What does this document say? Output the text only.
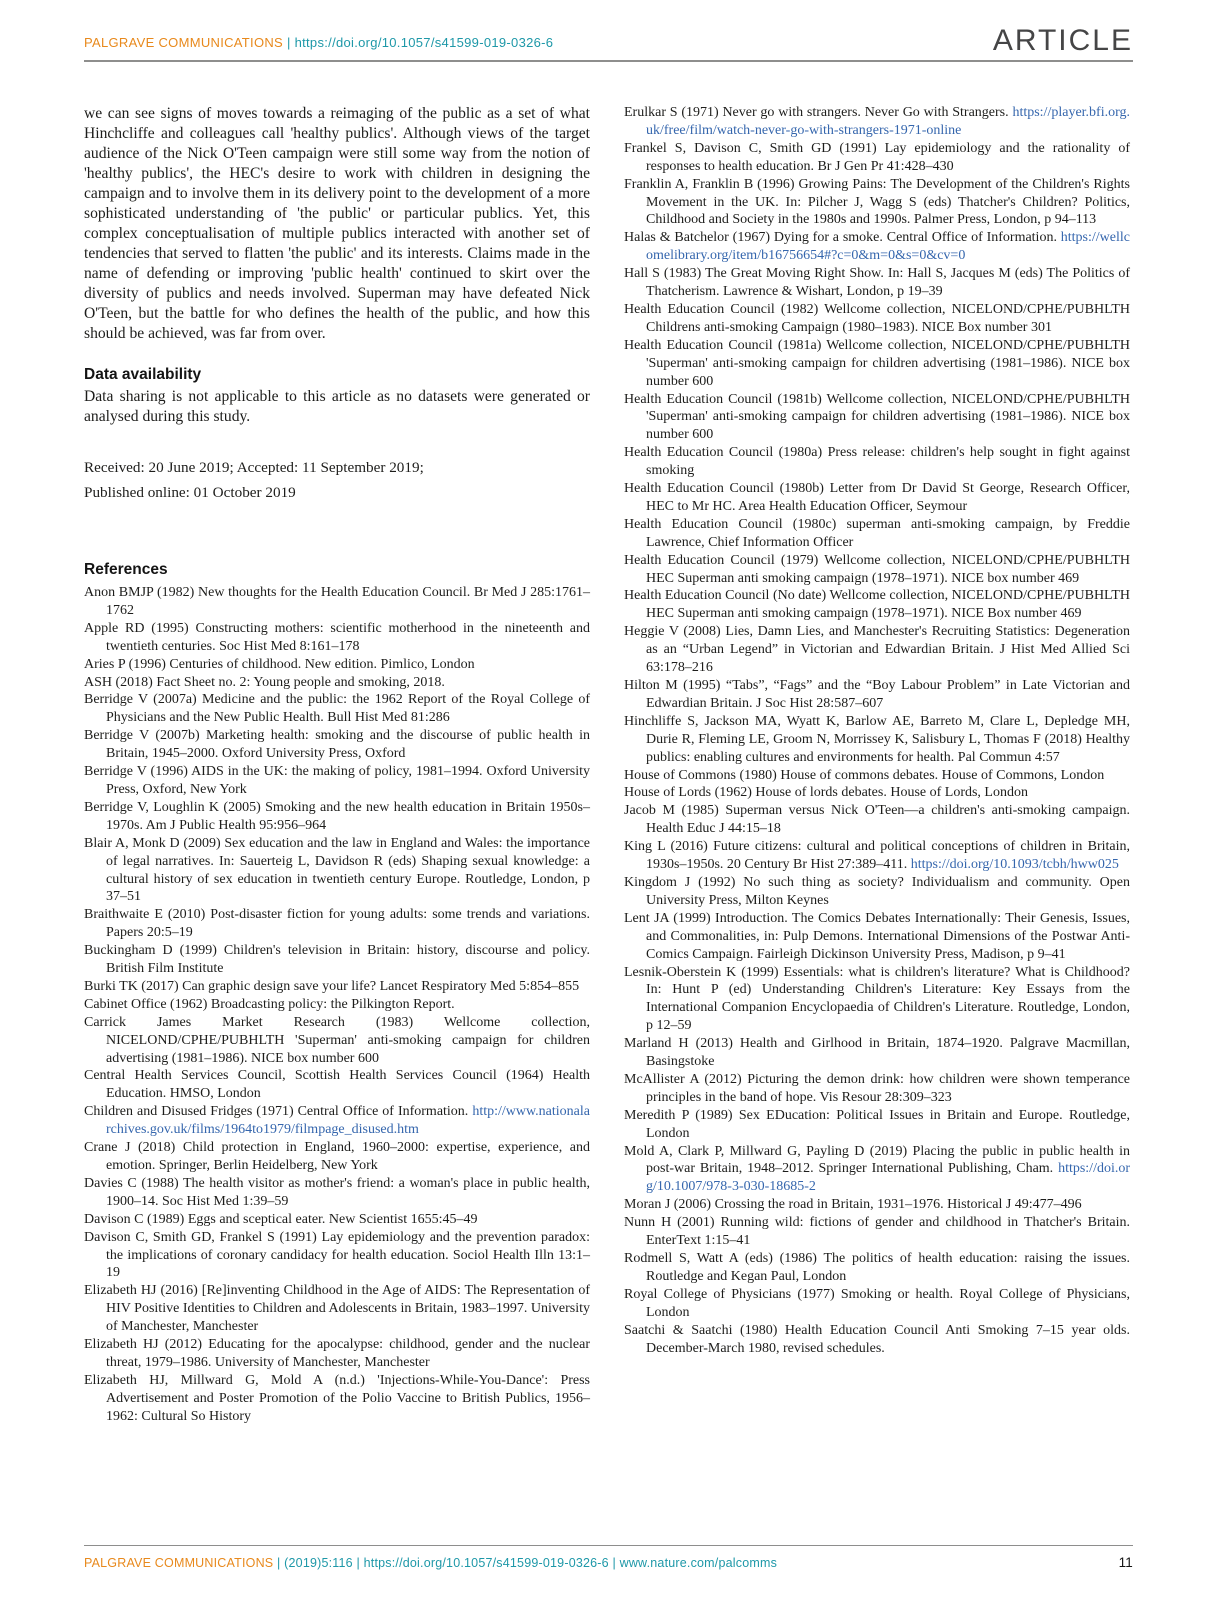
PALGRAVE COMMUNICATIONS | https://doi.org/10.1057/s41599-019-0326-6	ARTICLE

we can see signs of moves towards a reimaging of the public as a set of what Hinchcliffe and colleagues call 'healthy publics'. Although views of the target audience of the Nick O'Teen campaign were still some way from the notion of 'healthy publics', the HEC's desire to work with children in designing the campaign and to involve them in its delivery point to the development of a more sophisticated understanding of 'the public' or particular publics. Yet, this complex conceptualisation of multiple publics interacted with another set of tendencies that served to flatten 'the public' and its interests. Claims made in the name of defending or improving 'public health' continued to skirt over the diversity of publics and needs involved. Superman may have defeated Nick O'Teen, but the battle for who defines the health of the public, and how this should be achieved, was far from over.

Data availability

Data sharing is not applicable to this article as no datasets were generated or analysed during this study.

Received: 20 June 2019; Accepted: 11 September 2019;
Published online: 01 October 2019
References

Anon BMJP (1982) New thoughts for the Health Education Council. Br Med J 285:1761–1762

Apple RD (1995) Constructing mothers: scientific motherhood in the nineteenth and twentieth centuries. Soc Hist Med 8:161–178

Aries P (1996) Centuries of childhood. New edition. Pimlico, London

ASH (2018) Fact Sheet no. 2: Young people and smoking, 2018.

Berridge V (2007a) Medicine and the public: the 1962 Report of the Royal College of Physicians and the New Public Health. Bull Hist Med 81:286

Berridge V (2007b) Marketing health: smoking and the discourse of public health in Britain, 1945–2000. Oxford University Press, Oxford

Berridge V (1996) AIDS in the UK: the making of policy, 1981–1994. Oxford University Press, Oxford, New York

Berridge V, Loughlin K (2005) Smoking and the new health education in Britain 1950s–1970s. Am J Public Health 95:956–964

Blair A, Monk D (2009) Sex education and the law in England and Wales: the importance of legal narratives. In: Sauerteig L, Davidson R (eds) Shaping sexual knowledge: a cultural history of sex education in twentieth century Europe. Routledge, London, p 37–51

Braithwaite E (2010) Post-disaster fiction for young adults: some trends and variations. Papers 20:5–19

Buckingham D (1999) Children's television in Britain: history, discourse and policy. British Film Institute

Burki TK (2017) Can graphic design save your life? Lancet Respiratory Med 5:854–855

Cabinet Office (1962) Broadcasting policy: the Pilkington Report.

Carrick James Market Research (1983) Wellcome collection, NICELOND/CPHE/PUBHLTH 'Superman' anti-smoking campaign for children advertising (1981–1986). NICE box number 600

Central Health Services Council, Scottish Health Services Council (1964) Health Education. HMSO, London

Children and Disused Fridges (1971) Central Office of Information. http://www.nationalarchives.gov.uk/films/1964to1979/filmpage_disused.htm

Crane J (2018) Child protection in England, 1960–2000: expertise, experience, and emotion. Springer, Berlin Heidelberg, New York

Davies C (1988) The health visitor as mother's friend: a woman's place in public health, 1900–14. Soc Hist Med 1:39–59

Davison C (1989) Eggs and sceptical eater. New Scientist 1655:45–49

Davison C, Smith GD, Frankel S (1991) Lay epidemiology and the prevention paradox: the implications of coronary candidacy for health education. Sociol Health Illn 13:1–19

Elizabeth HJ (2016) [Re]inventing Childhood in the Age of AIDS: The Representation of HIV Positive Identities to Children and Adolescents in Britain, 1983–1997. University of Manchester, Manchester

Elizabeth HJ (2012) Educating for the apocalypse: childhood, gender and the nuclear threat, 1979–1986. University of Manchester, Manchester

Elizabeth HJ, Millward G, Mold A (n.d.) 'Injections-While-You-Dance': Press Advertisement and Poster Promotion of the Polio Vaccine to British Publics, 1956–1962: Cultural So History

Erulkar S (1971) Never go with strangers. Never Go with Strangers. https://player.bfi.org.uk/free/film/watch-never-go-with-strangers-1971-online

Frankel S, Davison C, Smith GD (1991) Lay epidemiology and the rationality of responses to health education. Br J Gen Pr 41:428–430

Franklin A, Franklin B (1996) Growing Pains: The Development of the Children's Rights Movement in the UK. In: Pilcher J, Wagg S (eds) Thatcher's Children? Politics, Childhood and Society in the 1980s and 1990s. Palmer Press, London, p 94–113

Halas & Batchelor (1967) Dying for a smoke. Central Office of Information. https://wellcomelibrary.org/item/b16756654#?c=0&m=0&s=0&cv=0

Hall S (1983) The Great Moving Right Show. In: Hall S, Jacques M (eds) The Politics of Thatcherism. Lawrence & Wishart, London, p 19–39

Health Education Council (1982) Wellcome collection, NICELOND/CPHE/PUBHLTH Childrens anti-smoking Campaign (1980–1983). NICE Box number 301

Health Education Council (1981a) Wellcome collection, NICELOND/CPHE/PUBHLTH 'Superman' anti-smoking campaign for children advertising (1981–1986). NICE box number 600

Health Education Council (1981b) Wellcome collection, NICELOND/CPHE/PUBHLTH 'Superman' anti-smoking campaign for children advertising (1981–1986). NICE box number 600

Health Education Council (1980a) Press release: children's help sought in fight against smoking

Health Education Council (1980b) Letter from Dr David St George, Research Officer, HEC to Mr HC. Area Health Education Officer, Seymour

Health Education Council (1980c) superman anti-smoking campaign, by Freddie Lawrence, Chief Information Officer

Health Education Council (1979) Wellcome collection, NICELOND/CPHE/PUBHLTH HEC Superman anti smoking campaign (1978–1971). NICE box number 469

Health Education Council (No date) Wellcome collection, NICELOND/CPHE/PUBHLTH HEC Superman anti smoking campaign (1978–1971). NICE Box number 469

Heggie V (2008) Lies, Damn Lies, and Manchester's Recruiting Statistics: Degeneration as an “Urban Legend” in Victorian and Edwardian Britain. J Hist Med Allied Sci 63:178–216

Hilton M (1995) “Tabs”, “Fags” and the “Boy Labour Problem” in Late Victorian and Edwardian Britain. J Soc Hist 28:587–607

Hinchliffe S, Jackson MA, Wyatt K, Barlow AE, Barreto M, Clare L, Depledge MH, Durie R, Fleming LE, Groom N, Morrissey K, Salisbury L, Thomas F (2018) Healthy publics: enabling cultures and environments for health. Pal Commun 4:57

House of Commons (1980) House of commons debates. House of Commons, London

House of Lords (1962) House of lords debates. House of Lords, London

Jacob M (1985) Superman versus Nick O'Teen—a children's anti-smoking campaign. Health Educ J 44:15–18

King L (2016) Future citizens: cultural and political conceptions of children in Britain, 1930s–1950s. 20 Century Br Hist 27:389–411. https://doi.org/10.1093/tcbh/hww025

Kingdom J (1992) No such thing as society? Individualism and community. Open University Press, Milton Keynes

Lent JA (1999) Introduction. The Comics Debates Internationally: Their Genesis, Issues, and Commonalities, in: Pulp Demons. International Dimensions of the Postwar Anti-Comics Campaign. Fairleigh Dickinson University Press, Madison, p 9–41

Lesnik-Oberstein K (1999) Essentials: what is children's literature? What is Childhood? In: Hunt P (ed) Understanding Children's Literature: Key Essays from the International Companion Encyclopaedia of Children's Literature. Routledge, London, p 12–59

Marland H (2013) Health and Girlhood in Britain, 1874–1920. Palgrave Macmillan, Basingstoke

McAllister A (2012) Picturing the demon drink: how children were shown temperance principles in the band of hope. Vis Resour 28:309–323

Meredith P (1989) Sex EDucation: Political Issues in Britain and Europe. Routledge, London

Mold A, Clark P, Millward G, Payling D (2019) Placing the public in public health in post-war Britain, 1948–2012. Springer International Publishing, Cham. https://doi.org/10.1007/978-3-030-18685-2

Moran J (2006) Crossing the road in Britain, 1931–1976. Historical J 49:477–496

Nunn H (2001) Running wild: fictions of gender and childhood in Thatcher's Britain. EnterText 1:15–41

Rodmell S, Watt A (eds) (1986) The politics of health education: raising the issues. Routledge and Kegan Paul, London

Royal College of Physicians (1977) Smoking or health. Royal College of Physicians, London

Saatchi & Saatchi (1980) Health Education Council Anti Smoking 7–15 year olds. December-March 1980, revised schedules.

PALGRAVE COMMUNICATIONS | (2019)5:116 | https://doi.org/10.1057/s41599-019-0326-6 | www.nature.com/palcomms	11
